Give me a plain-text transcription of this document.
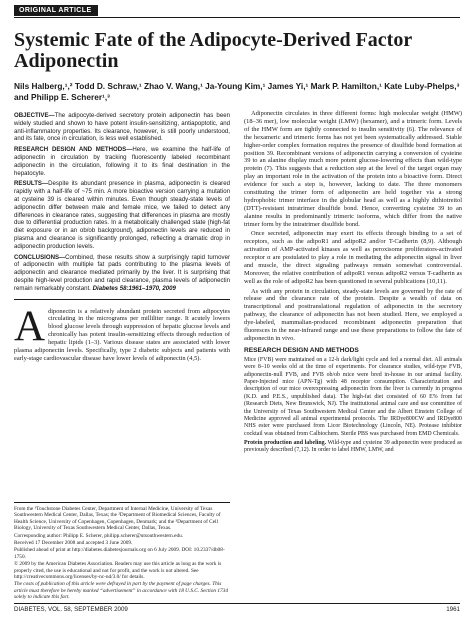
ORIGINAL ARTICLE
Systemic Fate of the Adipocyte-Derived Factor Adiponectin
Nils Halberg,¹,² Todd D. Schraw,¹ Zhao V. Wang,¹ Ja-Young Kim,¹ James Yi,¹ Mark P. Hamilton,¹ Kate Luby-Phelps,³ and Philipp E. Scherer¹,³

OBJECTIVE—The adipocyte-derived secretory protein adiponectin has been widely studied and shown to have potent insulin-sensitizing, antiapoptotic, and anti-inflammatory properties. Its clearance, however, is still poorly understood, and its fate, once in circulation, is less well established.

RESEARCH DESIGN AND METHODS—Here, we examine the half-life of adiponectin in circulation by tracking fluorescently labeled recombinant adiponectin in the circulation, following it to its final destination in the hepatocyte.

RESULTS—Despite its abundant presence in plasma, adiponectin is cleared rapidly with a half-life of ~75 min. A more bioactive version carrying a mutation at cysteine 39 is cleared within minutes. Even though steady-state levels of adiponectin differ between male and female mice, we failed to detect any differences in clearance rates, suggesting that differences in plasma are mostly due to differential production rates. In a metabolically challenged state (high-fat diet exposure or in an ob/ob background), adiponectin levels are reduced in plasma and clearance is significantly prolonged, reflecting a dramatic drop in adiponectin production levels.

CONCLUSIONS—Combined, these results show a surprisingly rapid turnover of adiponectin with multiple fat pads contributing to the plasma levels of adiponectin and clearance mediated primarily by the liver. It is surprising that despite high-level production and rapid clearance, plasma levels of adiponectin remain remarkably constant. Diabetes 58:1961–1970, 2009

Adiponectin is a relatively abundant protein secreted from adipocytes circulating in the micrograms per milliliter range. It acutely lowers blood glucose levels through suppression of hepatic glucose levels and chronically has potent insulin-sensitizing effects through reduction of hepatic lipids (1–3). Various disease states are associated with lower plasma adiponectin levels. Specifically, type 2 diabetic subjects and patients with early-stage cardiovascular disease have lower levels of adiponectin (4,5).

From the ¹Touchstone Diabetes Center, Department of Internal Medicine, University of Texas Southwestern Medical Center, Dallas, Texas; the ²Department of Biomedical Sciences, Faculty of Health Science, University of Copenhagen, Copenhagen, Denmark; and the ³Department of Cell Biology, University of Texas Southwestern Medical Center, Dallas, Texas.

Corresponding author: Philipp E. Scherer, philipp.scherer@utsouthwestern.edu.

Received 17 December 2008 and accepted 3 June 2009.

Published ahead of print at http://diabetes.diabetesjournals.org on 6 July 2009. DOI: 10.2337/db08-1750.

© 2009 by the American Diabetes Association. Readers may use this article as long as the work is properly cited, the use is educational and not for profit, and the work is not altered. See http://creativecommons.org/licenses/by-nc-nd/3.0/ for details.

The costs of publication of this article were defrayed in part by the payment of page charges. This article must therefore be hereby marked “advertisement” in accordance with 18 U.S.C. Section 1734 solely to indicate this fact.

Adiponectin circulates in three different forms: high molecular weight (HMW) (18–36 mer), low molecular weight (LMW) (hexamer), and a trimeric form. Levels of the HMW form are tightly connected to insulin sensitivity (6). The relevance of the hexameric and trimeric forms has not yet been systematically addressed. Stable higher-order complex formation requires the presence of disulfide bond formation at position 39. Recombinant versions of adiponectin carrying a conversion of cysteine 39 to an alanine display much more potent glucose-lowering effects than wild-type protein (7). This suggests that a reduction step at the level of the target organ may play an important role in the activation of the protein into a bioactive form. Direct evidence for such a step is, however, lacking to date. The three monomers constituting the trimer form of adiponectin are held together via a strong hydrophobic trimer interface in the globular head as well as a highly dithiotreitol (DTT)-resistant intratrimer disulfide bond. Hence, converting cysteine 39 to an alanine results in predominantly trimeric isoforms, which differ from the native trimer form by the intratrimer disulfide bond.

Once secreted, adiponectin may exert its effects through binding to a set of receptors, such as the adipoR1 and adipoR2 and/or T-Cadherin (8,9). Although activation of AMP-activated kinases as well as peroxisome proliferators-activated receptor α are postulated to play a role in mediating the adiponectin signal in liver and muscle, the direct signaling pathways remain somewhat controversial. Moreover, the relative contribution of adipoR1 versus adipoR2 versus T-cadherin as well as the role of adipoR2 has been questioned in several publications (10,11).

As with any protein in circulation, steady-state levels are governed by the rate of release and the clearance rate of the protein. Despite a wealth of data on transcriptional and posttranslational regulation of adiponectin in the secretory pathway, the clearance of adiponectin has not been studied. Here, we employed a dye-labeled, mammalian-produced recombinant adiponectin preparation that fluoresces in the near-infrared range and use these preparations to follow the fate of adiponectin in vivo.

RESEARCH DESIGN AND METHODS

Mice (FVB) were maintained on a 12-h dark/light cycle and fed a normal diet. All animals were 8–10 weeks old at the time of experiments. For clearance studies, wild-type FVB, adiponectin-null FVB, and FVB ob/ob mice were bred in-house in our animal facility. Paper-Injected mice (APN-Tg) with 48 receptor consumption. Characterization and description of our mice overexpressing adiponectin from the liver is currently in progress (K.D. and P.E.S., unpublished data). The high-fat diet consisted of 60 E% from fat (Research Diets, New Brunswick, NJ). The institutional animal care and use committee of the University of Texas Southwestern Medical Center and the Albert Einstein College of Medicine approved all animal experimental protocols. The IRDye800CW and IRDye800 NHS ester were purchased from Licor Biotechnology (Lincoln, NE). Protease inhibitor cocktail was obtained from Calbiochem. Sterile PBS was purchased from EMD Chemicals.

Protein production and labeling. Wild-type and cysteine 39 adiponectin were produced as previously described (7,12). In order to label HMW, LMW, and

DIABETES, VOL. 58, SEPTEMBER 2009	1961
